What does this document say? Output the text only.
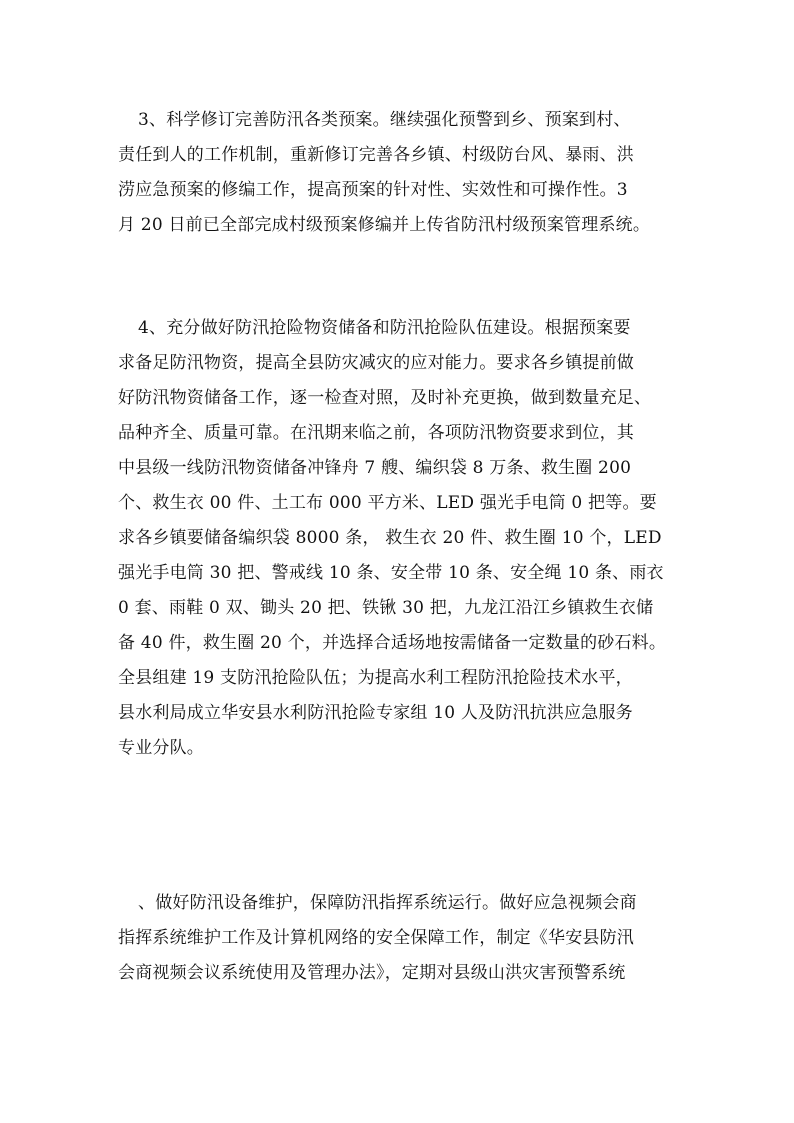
3、科学修订完善防汛各类预案。继续强化预警到乡、预案到村、
责任到人的工作机制，重新修订完善各乡镇、村级防台风、暴雨、洪
涝应急预案的修编工作，提高预案的针对性、实效性和可操作性。3
月 20 日前已全部完成村级预案修编并上传省防汛村级预案管理系统。
4、充分做好防汛抢险物资储备和防汛抢险队伍建设。根据预案要
求备足防汛物资，提高全县防灾减灾的应对能力。要求各乡镇提前做
好防汛物资储备工作，逐一检查对照，及时补充更换，做到数量充足、
品种齐全、质量可靠。在汛期来临之前，各项防汛物资要求到位，其
中县级一线防汛物资储备冲锋舟 7 艘、编织袋 8 万条、救生圈 200
个、救生衣 00 件、土工布 000 平方米、LED 强光手电筒 0 把等。要
求各乡镇要储备编织袋 8000 条， 救生衣 20 件、救生圈 10 个，LED
强光手电筒 30 把、警戒线 10 条、安全带 10 条、安全绳 10 条、雨衣
0 套、雨鞋 0 双、锄头 20 把、铁锹 30 把，九龙江沿江乡镇救生衣储
备 40 件，救生圈 20 个，并选择合适场地按需储备一定数量的砂石料。
全县组建 19 支防汛抢险队伍；为提高水利工程防汛抢险技术水平，
县水利局成立华安县水利防汛抢险专家组 10 人及防汛抗洪应急服务
专业分队。
、做好防汛设备维护，保障防汛指挥系统运行。做好应急视频会商
指挥系统维护工作及计算机网络的安全保障工作，制定《华安县防汛
会商视频会议系统使用及管理办法》，定期对县级山洪灾害预警系统
